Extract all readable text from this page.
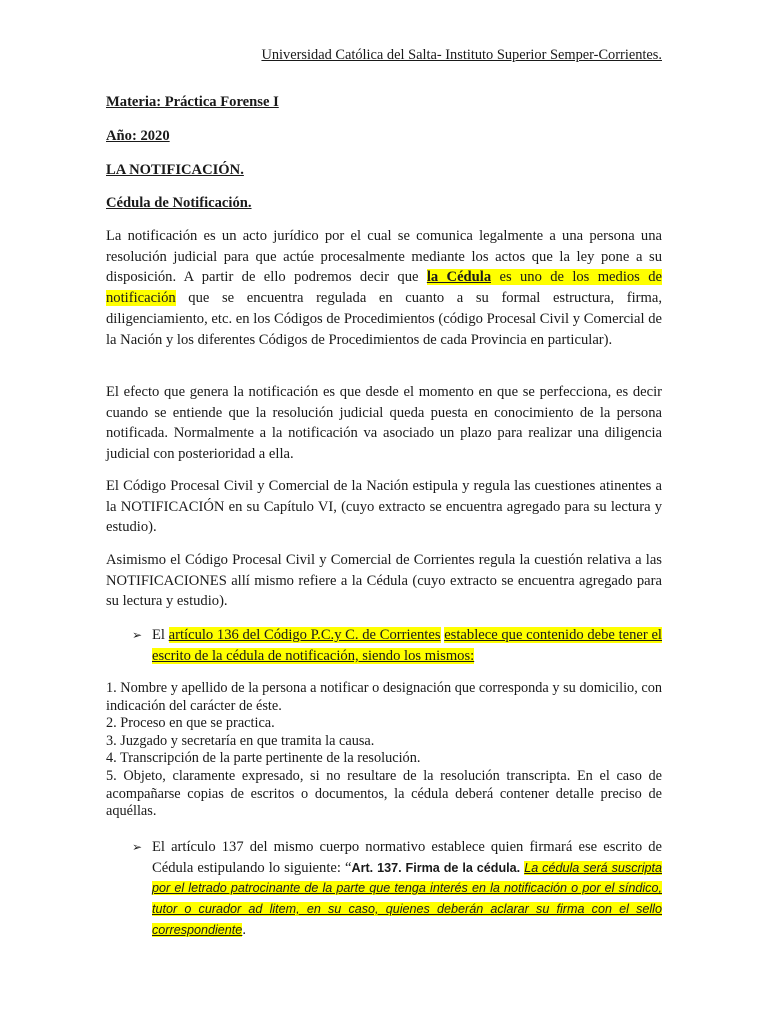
Universidad Católica del Salta- Instituto Superior Semper-Corrientes.
Materia: Práctica Forense I
Año: 2020
LA NOTIFICACIÓN.
Cédula de Notificación.
La notificación es un acto jurídico por el cual se comunica legalmente a una persona una resolución judicial para que actúe procesalmente mediante los actos que la ley pone a su disposición. A partir de ello podremos decir que la Cédula es uno de los medios de notificación que se encuentra regulada en cuanto a su formal estructura, firma, diligenciamiento, etc. en los Códigos de Procedimientos (código Procesal Civil y Comercial de la Nación y los diferentes Códigos de Procedimientos de cada Provincia en particular).
El efecto que genera la notificación es que desde el momento en que se perfecciona, es decir cuando se entiende que la resolución judicial queda puesta en conocimiento de la persona notificada. Normalmente a la notificación va asociado un plazo para realizar una diligencia judicial con posterioridad a ella.
El Código Procesal Civil y Comercial de la Nación estipula y regula las cuestiones atinentes a la NOTIFICACIÓN en su Capítulo VI, (cuyo extracto se encuentra agregado para su lectura y estudio).
Asimismo el Código Procesal Civil y Comercial de Corrientes regula la cuestión relativa a las NOTIFICACIONES allí mismo refiere a la Cédula (cuyo extracto se encuentra agregado para su lectura y estudio).
➢ El artículo 136 del Código P.C.y C. de Corrientes establece que contenido debe tener el escrito de la cédula de notificación, siendo los mismos:
1. Nombre y apellido de la persona a notificar o designación que corresponda y su domicilio, con indicación del carácter de éste.
2. Proceso en que se practica.
3. Juzgado y secretaría en que tramita la causa.
4. Transcripción de la parte pertinente de la resolución.
5. Objeto, claramente expresado, si no resultare de la resolución transcripta. En el caso de acompañarse copias de escritos o documentos, la cédula deberá contener detalle preciso de aquéllas.
➢ El artículo 137 del mismo cuerpo normativo establece quien firmará ese escrito de Cédula estipulando lo siguiente: “Art. 137. Firma de la cédula. La cédula será suscripta por el letrado patrocinante de la parte que tenga interés en la notificación o por el síndico, tutor o curador ad litem, en su caso, quienes deberán aclarar su firma con el sello correspondiente.
